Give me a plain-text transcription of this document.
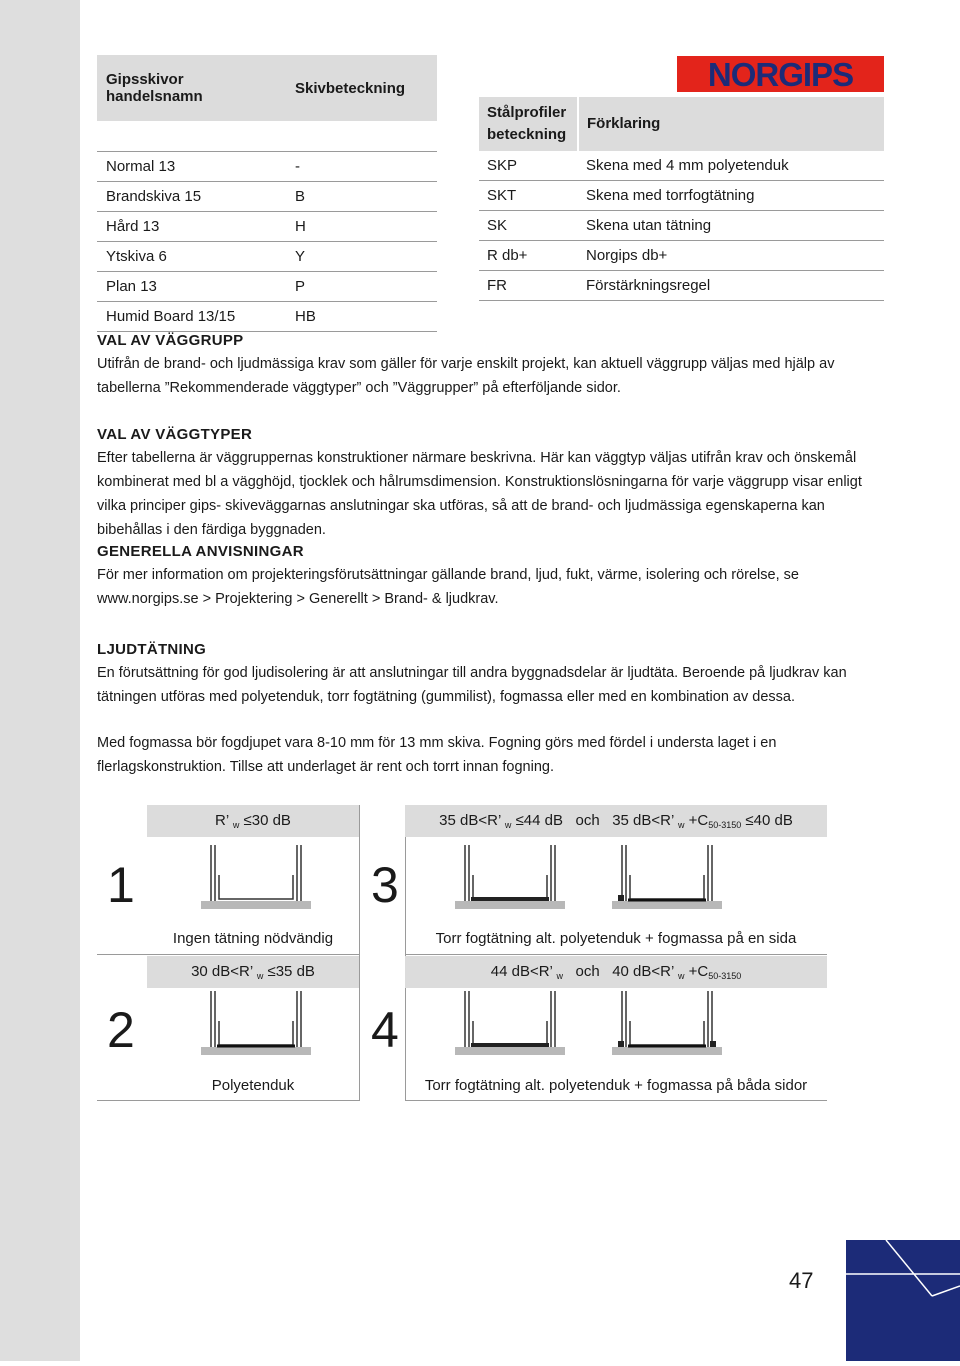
Gipsskivor handelsnamn	Skivbeteckning

Normal 13	-
Brandskiva 15	B
Hård 13	H
Ytskiva 6	Y
Plan 13	P
Humid Board 13/15	HB
NORGIPS
Stålprofiler beteckning	Förklaring
SKP	Skena med 4 mm polyetenduk
SKT	Skena med torrfogtätning
SK	Skena utan tätning
R db+	Norgips db+
FR	Förstärkningsregel
VAL AV VÄGGRUPP

Utifrån de brand- och ljudmässiga krav som gäller för varje enskilt projekt, kan aktuell väggrupp väljas med hjälp av tabellerna ”Rekommenderade väggtyper” och ”Väggrupper” på efterföljande sidor.

VAL AV VÄGGTYPER

Efter tabellerna är väggruppernas konstruktioner närmare beskrivna. Här kan väggtyp väljas utifrån krav och önskemål kombinerat med bl a vägghöjd, tjocklek och hålrumsdimension. Konstruktionslösningarna för varje väggrupp visar enligt vilka principer gips- skiveväggarnas anslutningar ska utföras, så att de brand- och ljudmässiga egenskaperna kan bibehållas i den färdiga byggnaden.

GENERELLA ANVISNINGAR

För mer information om projekteringsförutsättningar gällande brand, ljud, fukt, värme, isolering och rörelse, se www.norgips.se > Projektering > Generellt > Brand- & ljudkrav.

LJUDTÄTNING

En förutsättning för god ljudisolering är att anslutningar till andra byggnadsdelar är ljudtäta. Beroende på ljudkrav kan tätningen utföras med polyetenduk, torr fogtätning (gummilist), fogmassa eller med en kombination av dessa.

Med fogmassa bör fogdjupet vara 8-10 mm för 13 mm skiva. Fogning görs med fördel i understa laget i en flerlagskonstruktion. Tillse att underlaget är rent och torrt innan fogning.

R’ $_w$ ≤30 dB
1
Ingen tätning nödvändig
30 dB<R’ $_w$ ≤35 dB
2
Polyetenduk
35 dB<R’ $_w$ ≤44 dB   och   35 dB<R’ $_w +C_{50-3150} \le 40$ dB
3
Torr fogtätning alt. polyetenduk + fogmassa på en sida
44 dB<R’ $_w$   och   40 dB<R’ $_w +C_{50-3150}$
4
Torr fogtätning alt. polyetenduk + fogmassa på båda sidor
47
